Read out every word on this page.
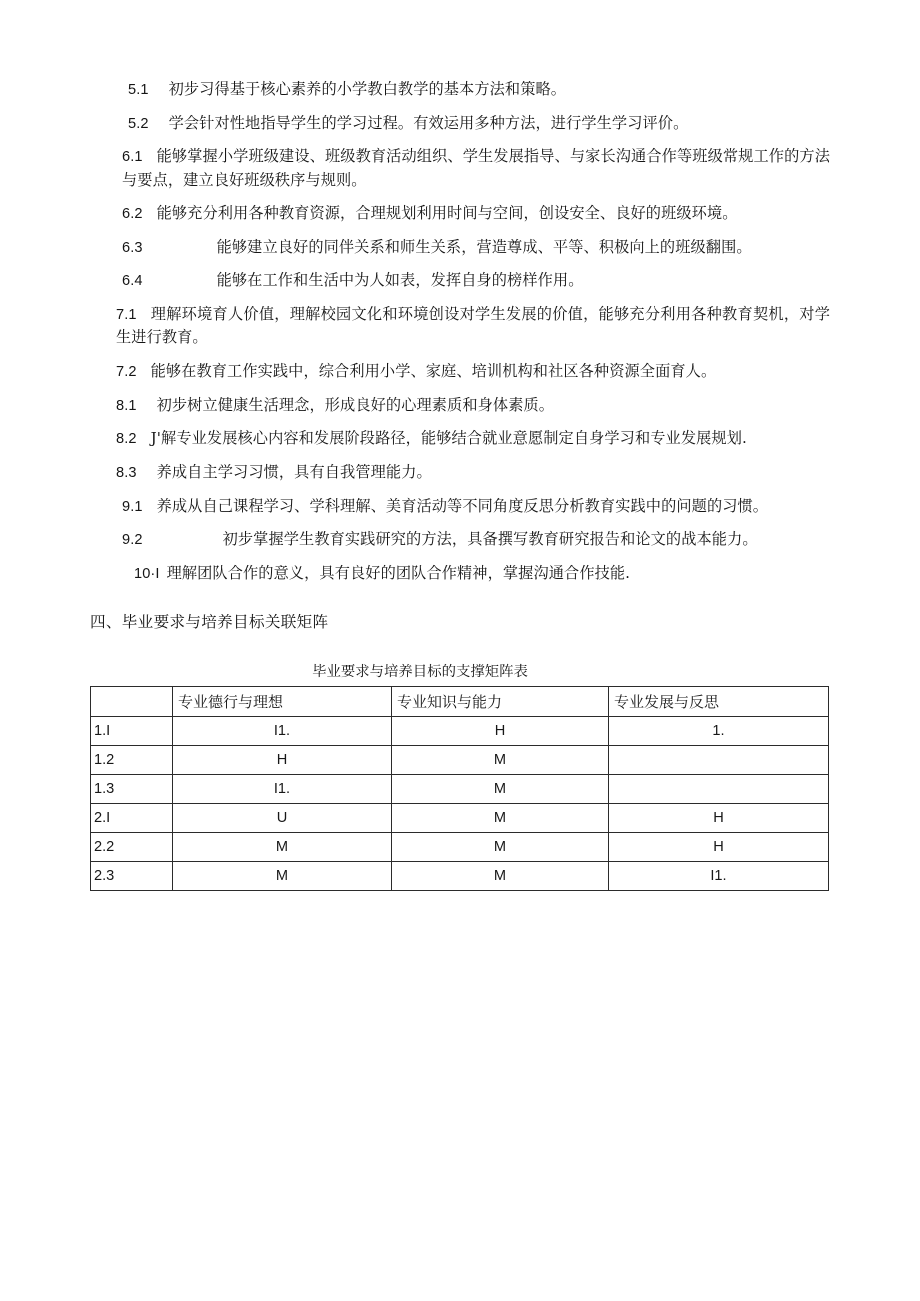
5.1 初步习得基于核心素养的小学教白教学的基本方法和策略。

5.2 学会针对性地指导学生的学习过程。有效运用多种方法，进行学生学习评价。

6.1 能够掌握小学班级建设、班级教育活动组织、学生发展指导、与家长沟通合作等班级常规工作的方法与要点，建立良好班级秩序与规则。

6.2 能够充分利用各种教育资源，合理规划利用时间与空间，创设安全、良好的班级环境。

6.3	能够建立良好的同伴关系和师生关系，营造尊成、平等、积极向上的班级翻围。

6.4	能够在工作和生活中为人如表，发挥自身的榜样作用。

7.1 理解环境育人价值，理解校园文化和环境创设对学生发展的价值，能够充分利用各种教育契机，对学生进行教育。

7.2 能够在教育工作实践中，综合利用小学、家庭、培训机构和社区各种资源全面育人。

8.1 初步树立健康生活理念，形成良好的心理素质和身体素质。

8.2 J'解专业发展核心内容和发展阶段路径，能够结合就业意愿制定自身学习和专业发展规划.

8.3 养成自主学习习惯，具有自我管理能力。

9.1 养成从自己课程学习、学科理解、美育活动等不同角度反思分析教育实践中的问题的习惯。

9.2	初步掌握学生教育实践研究的方法，具备撰写教育研究报告和论文的战本能力。

10·I 理解团队合作的意义，具有良好的团队合作精神，掌握沟通合作技能.

四、毕业要求与培养目标关联矩阵

毕业要求与培养目标的支撑矩阵表
	专业德行与理想	专业知识与能力	专业发展与反思
1.I	I1.	H	1.
1.2	H	M	
1.3	I1.	M	
2.I	U	M	H
2.2	M	M	H
2.3	M	M	I1.
